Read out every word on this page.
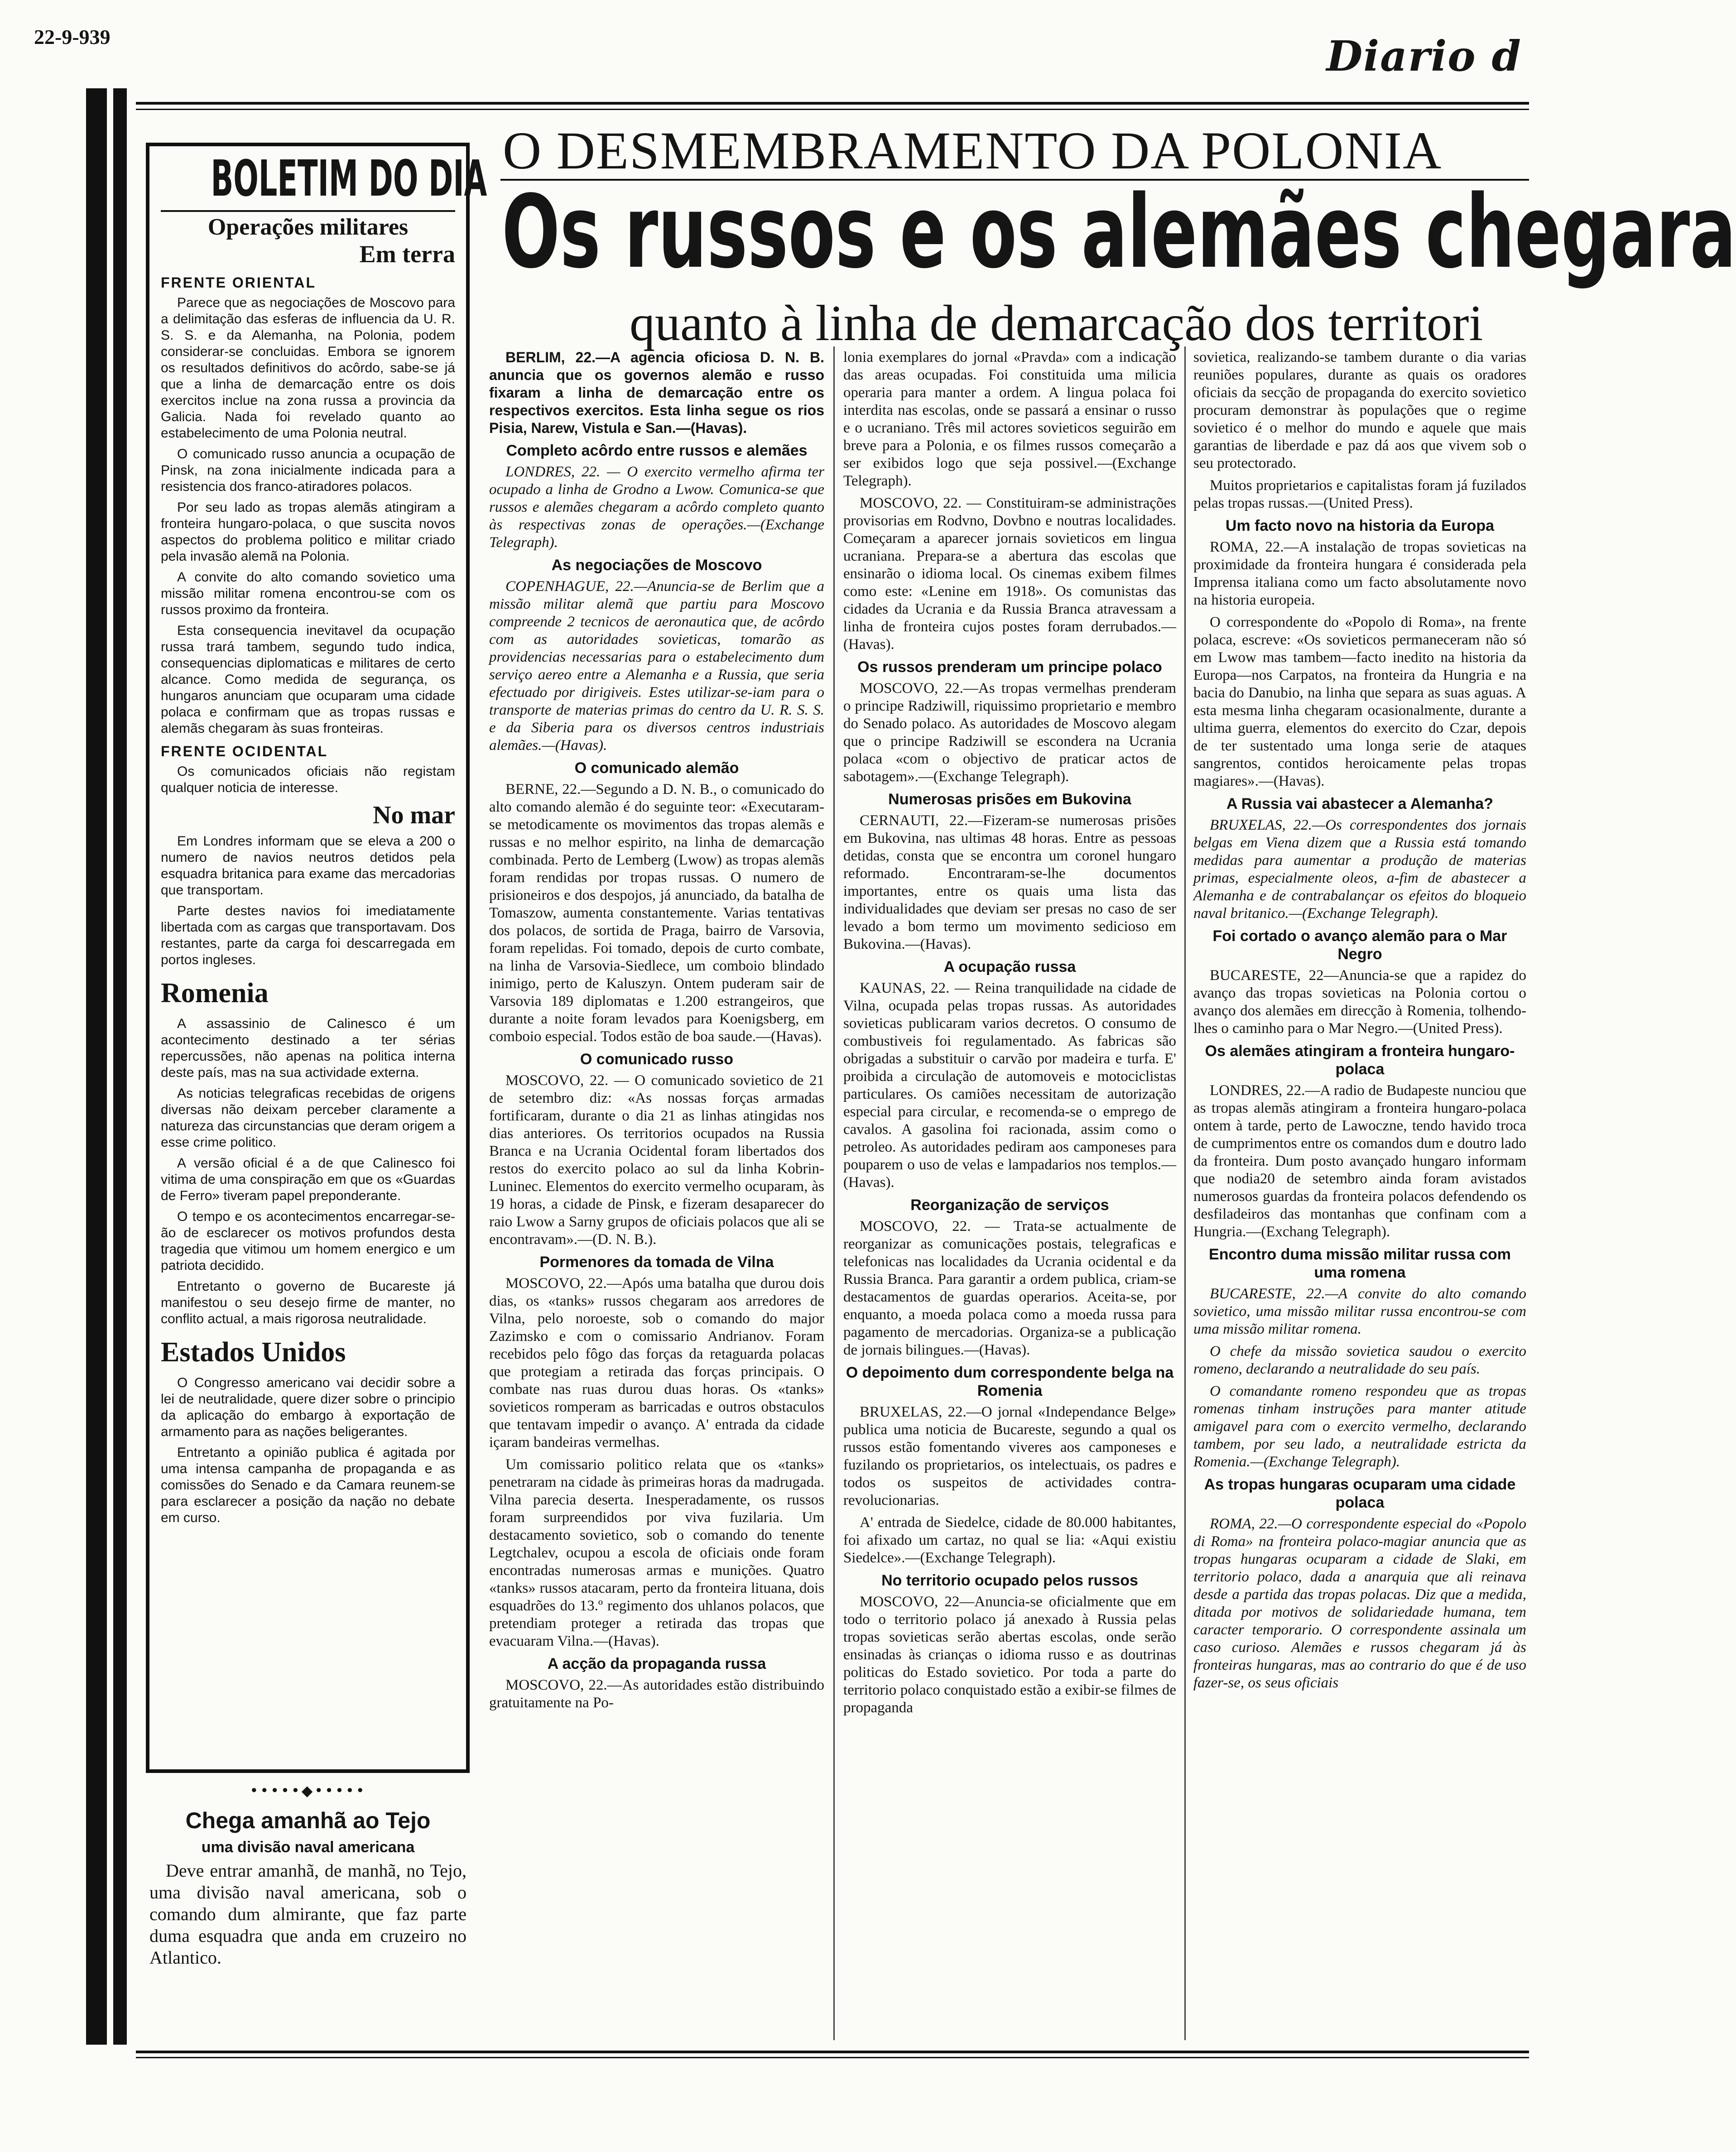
22-9-939	Diario d
O DESMEMBRAMENTO DA POLONIA
Os russos e os alemães chegara
quanto à linha de demarcação dos territori
BOLETIM DO DIA
Operações militares
Em terra
FRENTE ORIENTAL

Parece que as negociações de Moscovo para a delimitação das esferas de influencia da U. R. S. S. e da Alemanha, na Polonia, podem considerar-se concluidas. Embora se ignorem os resultados definitivos do acôrdo, sabe-se já que a linha de demarcação entre os dois exercitos inclue na zona russa a provincia da Galicia. Nada foi revelado quanto ao estabelecimento de uma Polonia neutral.

O comunicado russo anuncia a ocupação de Pinsk, na zona inicialmente indicada para a resistencia dos franco-atiradores polacos.

Por seu lado as tropas alemãs atingiram a fronteira hungaro-polaca, o que suscita novos aspectos do problema politico e militar criado pela invasão alemã na Polonia.

A convite do alto comando sovietico uma missão militar romena encontrou-se com os russos proximo da fronteira.

Esta consequencia inevitavel da ocupação russa trará tambem, segundo tudo indica, consequencias diplomaticas e militares de certo alcance. Como medida de segurança, os hungaros anunciam que ocuparam uma cidade polaca e confirmam que as tropas russas e alemãs chegaram às suas fronteiras.

FRENTE OCIDENTAL

Os comunicados oficiais não registam qualquer noticia de interesse.

No mar

Em Londres informam que se eleva a 200 o numero de navios neutros detidos pela esquadra britanica para exame das mercadorias que transportam.

Parte destes navios foi imediatamente libertada com as cargas que transportavam. Dos restantes, parte da carga foi descarregada em portos ingleses.

Romenia

A assassinio de Calinesco é um acontecimento destinado a ter sérias repercussões, não apenas na politica interna deste país, mas na sua actividade externa.

As noticias telegraficas recebidas de origens diversas não deixam perceber claramente a natureza das circunstancias que deram origem a esse crime politico.

A versão oficial é a de que Calinesco foi vitima de uma conspiração em que os «Guardas de Ferro» tiveram papel preponderante.

O tempo e os acontecimentos encarregar-se-ão de esclarecer os motivos profundos desta tragedia que vitimou um homem energico e um patriota decidido.

Entretanto o governo de Bucareste já manifestou o seu desejo firme de manter, no conflito actual, a mais rigorosa neutralidade.

Estados Unidos

O Congresso americano vai decidir sobre a lei de neutralidade, quere dizer sobre o principio da aplicação do embargo à exportação de armamento para as nações beligerantes.

Entretanto a opinião publica é agitada por uma intensa campanha de propaganda e as comissões do Senado e da Camara reunem-se para esclarecer a posição da nação no debate em curso.

•••••◆•••••
Chega amanhã ao Tejo
uma divisão naval americana

Deve entrar amanhã, de manhã, no Tejo, uma divisão naval americana, sob o comando dum almirante, que faz parte duma esquadra que anda em cruzeiro no Atlantico.

BERLIM, 22.—A agencia oficiosa D. N. B. anuncia que os governos alemão e russo fixaram a linha de demarcação entre os respectivos exercitos. Esta linha segue os rios Pisia, Narew, Vistula e San.—(Havas).

Completo acôrdo entre russos e alemães

LONDRES, 22. — O exercito vermelho afirma ter ocupado a linha de Grodno a Lwow. Comunica-se que russos e alemães chegaram a acôrdo completo quanto às respectivas zonas de operações.—(Exchange Telegraph).

As negociações de Moscovo

COPENHAGUE, 22.—Anuncia-se de Berlim que a missão militar alemã que partiu para Moscovo compreende 2 tecnicos de aeronautica que, de acôrdo com as autoridades sovieticas, tomarão as providencias necessarias para o estabelecimento dum serviço aereo entre a Alemanha e a Russia, que seria efectuado por dirigiveis. Estes utilizar-se-iam para o transporte de materias primas do centro da U. R. S. S. e da Siberia para os diversos centros industriais alemães.—(Havas).

O comunicado alemão

BERNE, 22.—Segundo a D. N. B., o comunicado do alto comando alemão é do seguinte teor: «Executaram-se metodicamente os movimentos das tropas alemãs e russas e no melhor espirito, na linha de demarcação combinada. Perto de Lemberg (Lwow) as tropas alemãs foram rendidas por tropas russas. O numero de prisioneiros e dos despojos, já anunciado, da batalha de Tomaszow, aumenta constantemente. Varias tentativas dos polacos, de sortida de Praga, bairro de Varsovia, foram repelidas. Foi tomado, depois de curto combate, na linha de Varsovia-Siedlece, um comboio blindado inimigo, perto de Kaluszyn. Ontem puderam sair de Varsovia 189 diplomatas e 1.200 estrangeiros, que durante a noite foram levados para Koenigsberg, em comboio especial. Todos estão de boa saude.—(Havas).

O comunicado russo

MOSCOVO, 22. — O comunicado sovietico de 21 de setembro diz: «As nossas forças armadas fortificaram, durante o dia 21 as linhas atingidas nos dias anteriores. Os territorios ocupados na Russia Branca e na Ucrania Ocidental foram libertados dos restos do exercito polaco ao sul da linha Kobrin-Luninec. Elementos do exercito vermelho ocuparam, às 19 horas, a cidade de Pinsk, e fizeram desaparecer do raio Lwow a Sarny grupos de oficiais polacos que ali se encontravam».—(D. N. B.).

Pormenores da tomada de Vilna

MOSCOVO, 22.—Após uma batalha que durou dois dias, os «tanks» russos chegaram aos arredores de Vilna, pelo noroeste, sob o comando do major Zazimsko e com o comissario Andrianov. Foram recebidos pelo fôgo das forças da retaguarda polacas que protegiam a retirada das forças principais. O combate nas ruas durou duas horas. Os «tanks» sovieticos romperam as barricadas e outros obstaculos que tentavam impedir o avanço. A' entrada da cidade içaram bandeiras vermelhas.

Um comissario politico relata que os «tanks» penetraram na cidade às primeiras horas da madrugada. Vilna parecia deserta. Inesperadamente, os russos foram surpreendidos por viva fuzilaria. Um destacamento sovietico, sob o comando do tenente Legtchalev, ocupou a escola de oficiais onde foram encontradas numerosas armas e munições. Quatro «tanks» russos atacaram, perto da fronteira lituana, dois esquadrões do 13.º regimento dos uhlanos polacos, que pretendiam proteger a retirada das tropas que evacuaram Vilna.—(Havas).

A acção da propaganda russa

MOSCOVO, 22.—As autoridades estão distribuindo gratuitamente na Po-

lonia exemplares do jornal «Pravda» com a indicação das areas ocupadas. Foi constituida uma milicia operaria para manter a ordem. A lingua polaca foi interdita nas escolas, onde se passará a ensinar o russo e o ucraniano. Três mil actores sovieticos seguirão em breve para a Polonia, e os filmes russos começarão a ser exibidos logo que seja possivel.—(Exchange Telegraph).

MOSCOVO, 22. — Constituiram-se administrações provisorias em Rodvno, Dovbno e noutras localidades. Começaram a aparecer jornais sovieticos em lingua ucraniana. Prepara-se a abertura das escolas que ensinarão o idioma local. Os cinemas exibem filmes como este: «Lenine em 1918». Os comunistas das cidades da Ucrania e da Russia Branca atravessam a linha de fronteira cujos postes foram derrubados.—(Havas).

Os russos prenderam um principe polaco

MOSCOVO, 22.—As tropas vermelhas prenderam o principe Radziwill, riquissimo proprietario e membro do Senado polaco. As autoridades de Moscovo alegam que o principe Radziwill se escondera na Ucrania polaca «com o objectivo de praticar actos de sabotagem».—(Exchange Telegraph).

Numerosas prisões em Bukovina

CERNAUTI, 22.—Fizeram-se numerosas prisões em Bukovina, nas ultimas 48 horas. Entre as pessoas detidas, consta que se encontra um coronel hungaro reformado. Encontraram-se-lhe documentos importantes, entre os quais uma lista das individualidades que deviam ser presas no caso de ser levado a bom termo um movimento sedicioso em Bukovina.—(Havas).

A ocupação russa

KAUNAS, 22. — Reina tranquilidade na cidade de Vilna, ocupada pelas tropas russas. As autoridades sovieticas publicaram varios decretos. O consumo de combustiveis foi regulamentado. As fabricas são obrigadas a substituir o carvão por madeira e turfa. E' proibida a circulação de automoveis e motociclistas particulares. Os camiões necessitam de autorização especial para circular, e recomenda-se o emprego de cavalos. A gasolina foi racionada, assim como o petroleo. As autoridades pediram aos camponeses para pouparem o uso de velas e lampadarios nos templos.—(Havas).

Reorganização de serviços

MOSCOVO, 22. — Trata-se actualmente de reorganizar as comunicações postais, telegraficas e telefonicas nas localidades da Ucrania ocidental e da Russia Branca. Para garantir a ordem publica, criam-se destacamentos de guardas operarios. Aceita-se, por enquanto, a moeda polaca como a moeda russa para pagamento de mercadorias. Organiza-se a publicação de jornais bilingues.—(Havas).

O depoimento dum correspondente belga na Romenia

BRUXELAS, 22.—O jornal «Independance Belge» publica uma noticia de Bucareste, segundo a qual os russos estão fomentando viveres aos camponeses e fuzilando os proprietarios, os intelectuais, os padres e todos os suspeitos de actividades contra-revolucionarias.

A' entrada de Siedelce, cidade de 80.000 habitantes, foi afixado um cartaz, no qual se lia: «Aqui existiu Siedelce».—(Exchange Telegraph).

No territorio ocupado pelos russos

MOSCOVO, 22—Anuncia-se oficialmente que em todo o territorio polaco já anexado à Russia pelas tropas sovieticas serão abertas escolas, onde serão ensinadas às crianças o idioma russo e as doutrinas politicas do Estado sovietico. Por toda a parte do territorio polaco conquistado estão a exibir-se filmes de propaganda

sovietica, realizando-se tambem durante o dia varias reuniões populares, durante as quais os oradores oficiais da secção de propaganda do exercito sovietico procuram demonstrar às populações que o regime sovietico é o melhor do mundo e aquele que mais garantias de liberdade e paz dá aos que vivem sob o seu protectorado.

Muitos proprietarios e capitalistas foram já fuzilados pelas tropas russas.—(United Press).

Um facto novo na historia da Europa

ROMA, 22.—A instalação de tropas sovieticas na proximidade da fronteira hungara é considerada pela Imprensa italiana como um facto absolutamente novo na historia europeia.

O correspondente do «Popolo di Roma», na frente polaca, escreve: «Os sovieticos permaneceram não só em Lwow mas tambem—facto inedito na historia da Europa—nos Carpatos, na fronteira da Hungria e na bacia do Danubio, na linha que separa as suas aguas. A esta mesma linha chegaram ocasionalmente, durante a ultima guerra, elementos do exercito do Czar, depois de ter sustentado uma longa serie de ataques sangrentos, contidos heroicamente pelas tropas magiares».—(Havas).

A Russia vai abastecer a Alemanha?

BRUXELAS, 22.—Os correspondentes dos jornais belgas em Viena dizem que a Russia está tomando medidas para aumentar a produção de materias primas, especialmente oleos, a-fim de abastecer a Alemanha e de contrabalançar os efeitos do bloqueio naval britanico.—(Exchange Telegraph).

Foi cortado o avanço alemão para o Mar Negro

BUCARESTE, 22—Anuncia-se que a rapidez do avanço das tropas sovieticas na Polonia cortou o avanço dos alemães em direcção à Romenia, tolhendo-lhes o caminho para o Mar Negro.—(United Press).

Os alemães atingiram a fronteira hungaro-polaca

LONDRES, 22.—A radio de Budapeste nunciou que as tropas alemãs atingiram a fronteira hungaro-polaca ontem à tarde, perto de Lawoczne, tendo havido troca de cumprimentos entre os comandos dum e doutro lado da fronteira. Dum posto avançado hungaro informam que nodia20 de setembro ainda foram avistados numerosos guardas da fronteira polacos defendendo os desfiladeiros das montanhas que confinam com a Hungria.—(Exchang Telegraph).

Encontro duma missão militar russa com uma romena

BUCARESTE, 22.—A convite do alto comando sovietico, uma missão militar russa encontrou-se com uma missão militar romena.

O chefe da missão sovietica saudou o exercito romeno, declarando a neutralidade do seu país.

O comandante romeno respondeu que as tropas romenas tinham instruções para manter atitude amigavel para com o exercito vermelho, declarando tambem, por seu lado, a neutralidade estricta da Romenia.—(Exchange Telegraph).

As tropas hungaras ocuparam uma cidade polaca

ROMA, 22.—O correspondente especial do «Popolo di Roma» na fronteira polaco-magiar anuncia que as tropas hungaras ocuparam a cidade de Slaki, em territorio polaco, dada a anarquia que ali reinava desde a partida das tropas polacas. Diz que a medida, ditada por motivos de solidariedade humana, tem caracter temporario. O correspondente assinala um caso curioso. Alemães e russos chegaram já às fronteiras hungaras, mas ao contrario do que é de uso fazer-se, os seus oficiais
